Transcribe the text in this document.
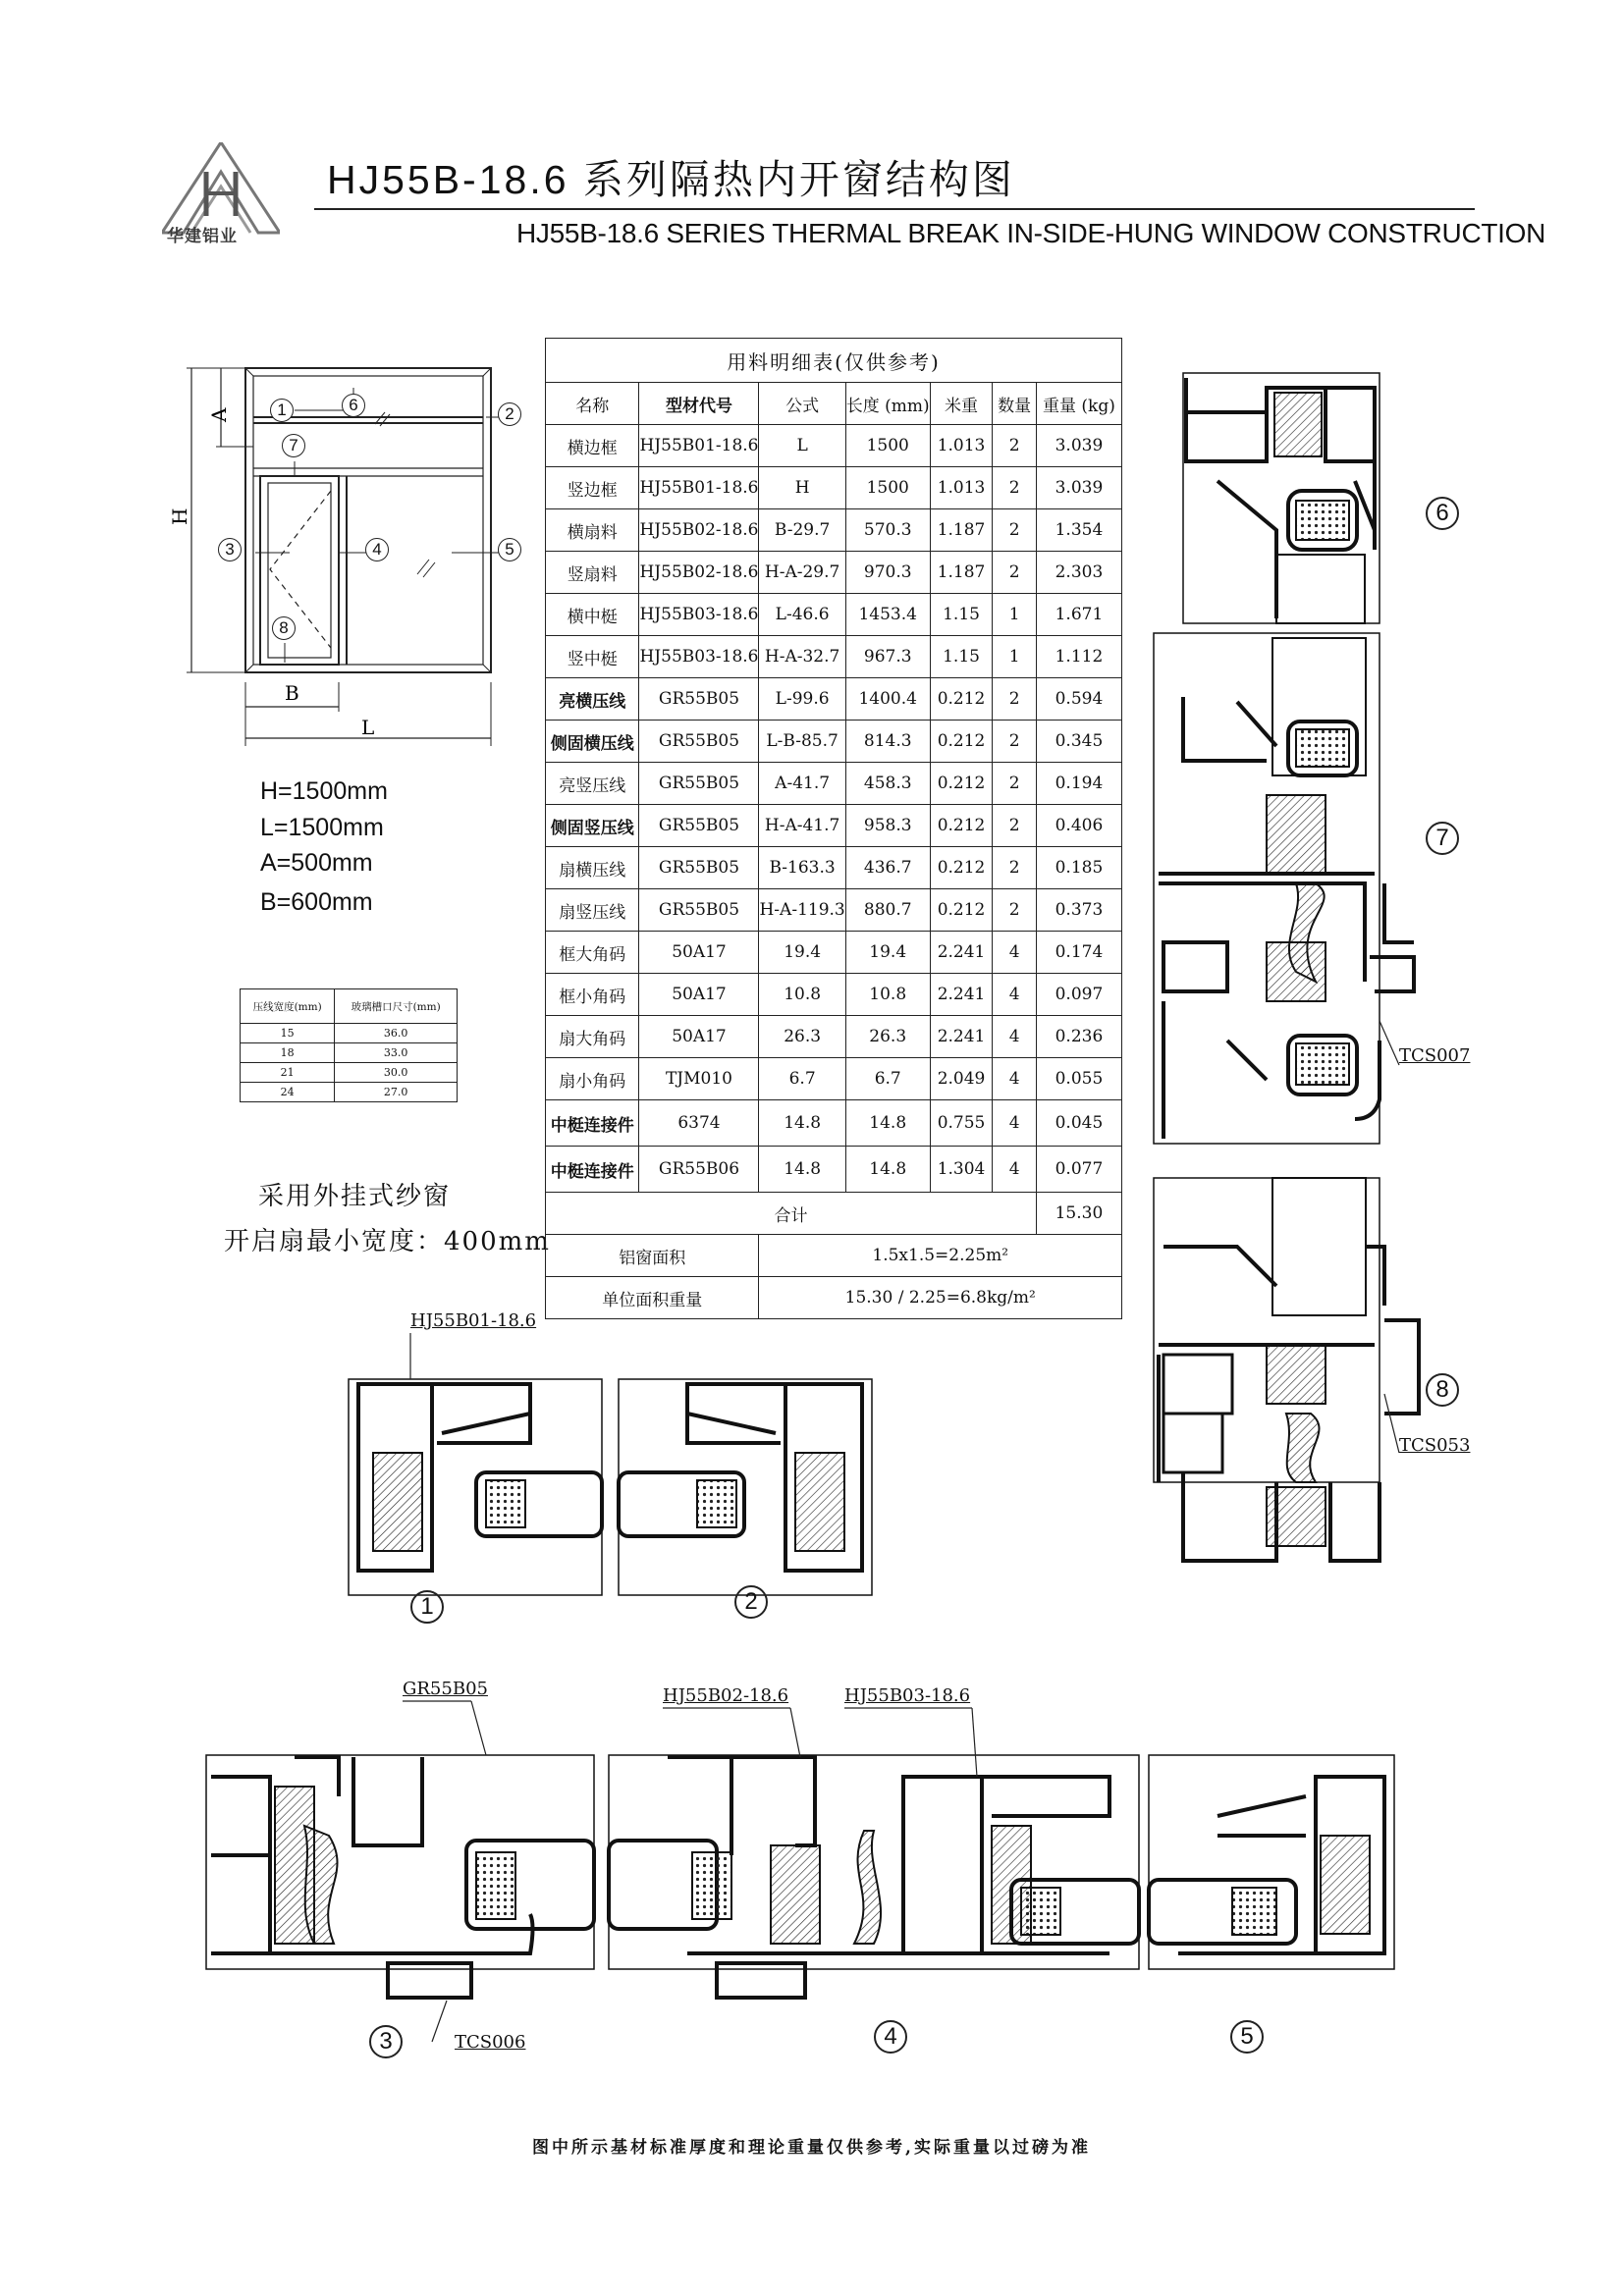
华建铝业
HJ55B-18.6 系列隔热内开窗结构图
HJ55B-18.6 SERIES THERMAL BREAK IN-SIDE-HUNG WINDOW CONSTRUCTION
A
H
B
L
1	6	2
7
3	4	5
8
H=1500mm
L=1500mm
A=500mm
B=600mm
压线宽度(mm)	玻璃槽口尺寸(mm)
15	36.0
18	33.0
21	30.0
24	27.0
采用外挂式纱窗
开启扇最小宽度：400mm
用料明细表(仅供参考)						
名称	型材代号	公式	长度 (mm)	米重	数量	重量 (kg)
横边框	HJ55B01-18.6	L	1500	1.013	2	3.039
竖边框	HJ55B01-18.6	H	1500	1.013	2	3.039
横扇料	HJ55B02-18.6	B-29.7	570.3	1.187	2	1.354
竖扇料	HJ55B02-18.6	H-A-29.7	970.3	1.187	2	2.303
横中梃	HJ55B03-18.6	L-46.6	1453.4	1.15	1	1.671
竖中梃	HJ55B03-18.6	H-A-32.7	967.3	1.15	1	1.112
亮横压线	GR55B05	L-99.6	1400.4	0.212	2	0.594
侧固横压线	GR55B05	L-B-85.7	814.3	0.212	2	0.345
亮竖压线	GR55B05	A-41.7	458.3	0.212	2	0.194
侧固竖压线	GR55B05	H-A-41.7	958.3	0.212	2	0.406
扇横压线	GR55B05	B-163.3	436.7	0.212	2	0.185
扇竖压线	GR55B05	H-A-119.3	880.7	0.212	2	0.373
框大角码	50A17	19.4	19.4	2.241	4	0.174
框小角码	50A17	10.8	10.8	2.241	4	0.097
扇大角码	50A17	26.3	26.3	2.241	4	0.236
扇小角码	TJM010	6.7	6.7	2.049	4	0.055
中梃连接件	6374	14.8	14.8	0.755	4	0.045
中梃连接件	GR55B06	14.8	14.8	1.304	4	0.077
合计						15.30
铝窗面积		1.5x1.5=2.25m²				
单位面积重量		15.30 / 2.25=6.8kg/m²				
HJ55B01-18.6
GR55B05	HJ55B02-18.6	HJ55B03-18.6
TCS007
TCS053
TCS006
1	2
3	4	5
6
7
8
图中所示基材标准厚度和理论重量仅供参考,实际重量以过磅为准
